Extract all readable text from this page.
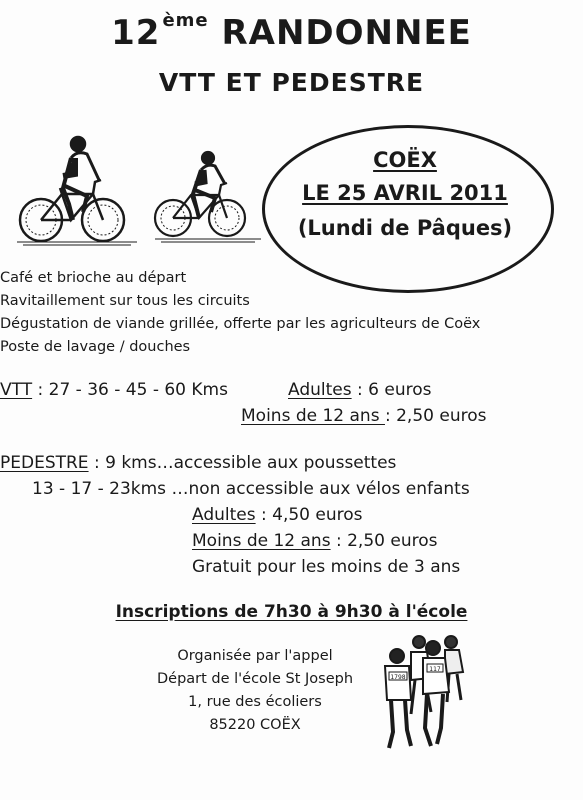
12 $^{ème}$ RANDONNEE
VTT ET PEDESTRE
COËX
LE 25 AVRIL 2011
(Lundi de Pâques)
Café et brioche au départ
Ravitaillement sur tous les circuits
Dégustation de viande grillée, offerte par les agriculteurs de Coëx
Poste de lavage / douches
VTT : 27 - 36 - 45 - 60 Kms	Adultes : 6 euros
Moins de 12 ans : 2,50 euros
PEDESTRE : 9 kms…accessible aux poussettes
13 - 17 - 23kms …non accessible aux vélos enfants
Adultes : 4,50 euros
Moins de 12 ans : 2,50 euros
Gratuit pour les moins de 3 ans
Inscriptions de 7h30 à 9h30 à l'école
Organisée par l'appel
Départ de l'école St Joseph
1, rue des écoliers
85220 COËX
117
1798
